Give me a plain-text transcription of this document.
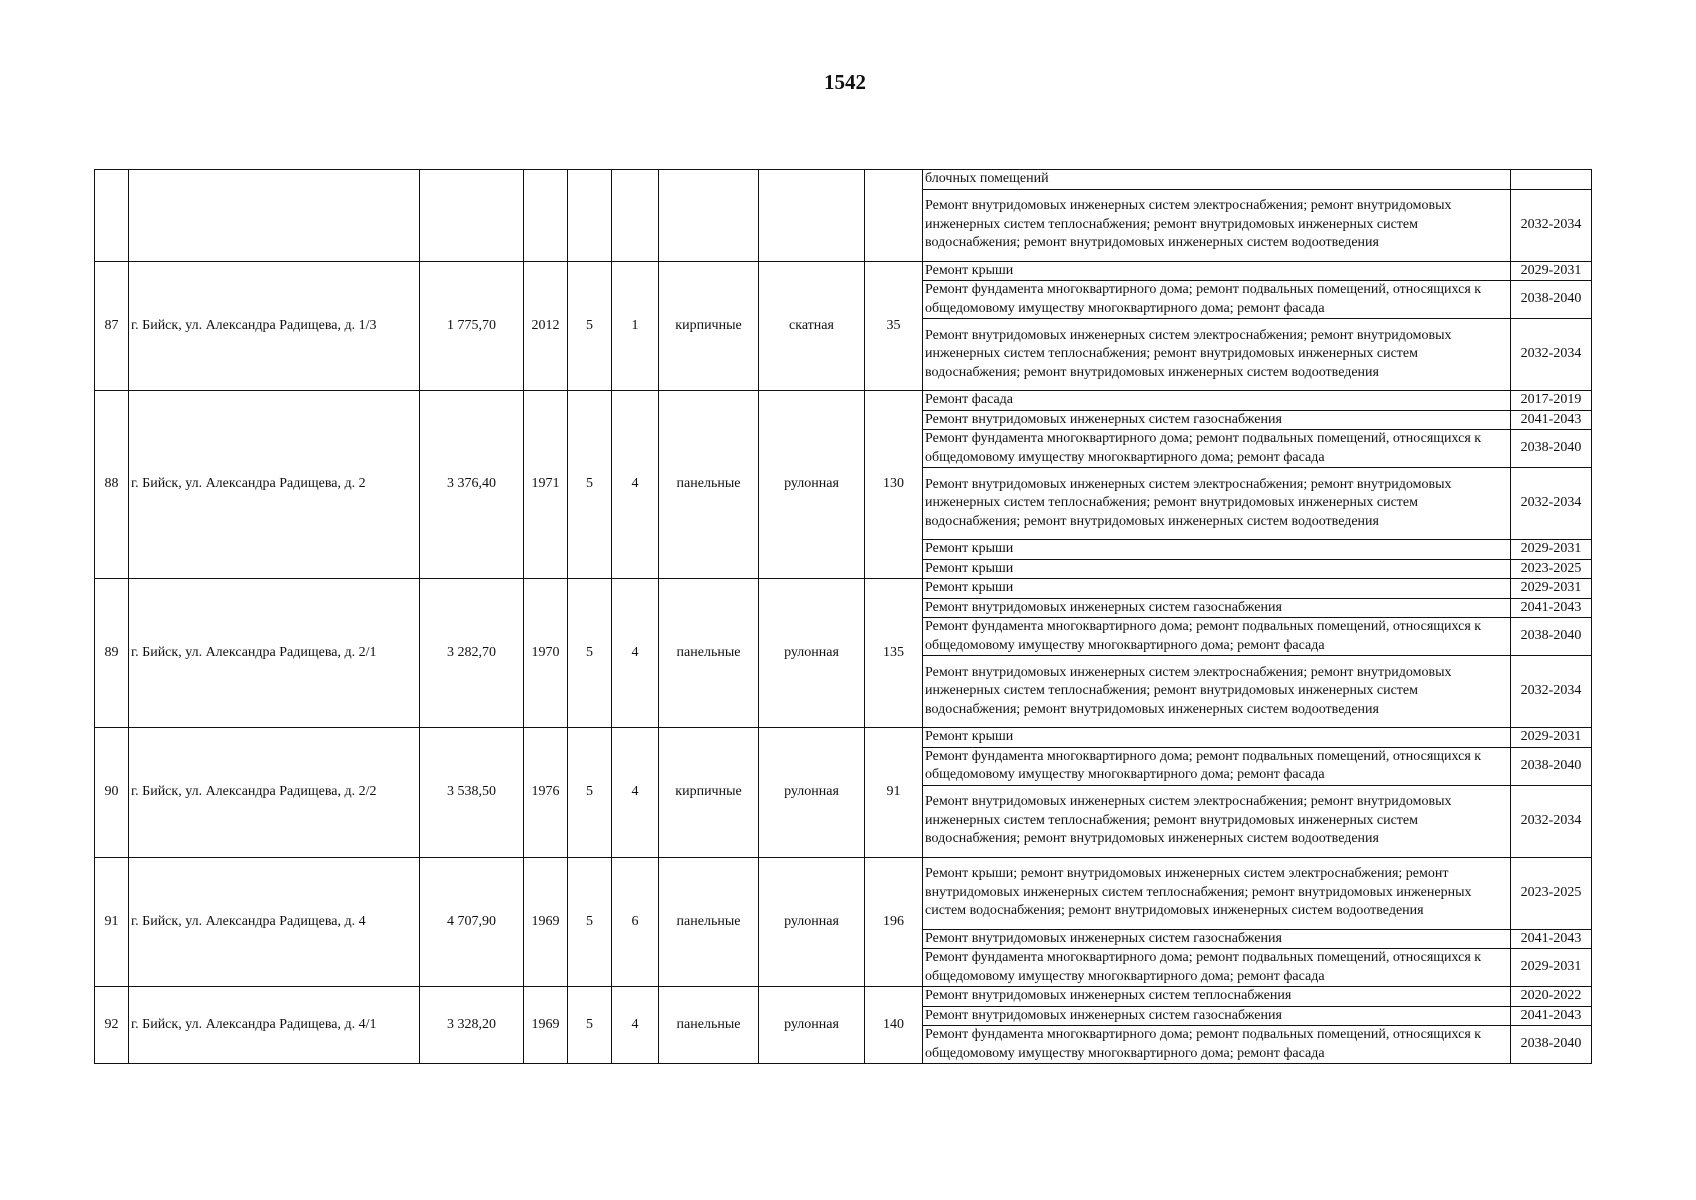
1542
									блочных помещений	
									Ремонт внутридомовых инженерных систем электроснабжения; ремонт внутридомовых инженерных систем теплоснабжения; ремонт внутридомовых инженерных систем водоснабжения; ремонт внутридомовых инженерных систем водоотведения	2032-2034
87	г. Бийск, ул. Александра Радищева, д. 1/3	1 775,70	2012	5	1	кирпичные	скатная	35	Ремонт крыши	2029-2031
									Ремонт фундамента многоквартирного дома; ремонт подвальных помещений, относящихся к общедомовому имуществу многоквартирного дома; ремонт фасада	2038-2040
									Ремонт внутридомовых инженерных систем электроснабжения; ремонт внутридомовых инженерных систем теплоснабжения; ремонт внутридомовых инженерных систем водоснабжения; ремонт внутридомовых инженерных систем водоотведения	2032-2034
88	г. Бийск, ул. Александра Радищева, д. 2	3 376,40	1971	5	4	панельные	рулонная	130	Ремонт фасада	2017-2019
									Ремонт внутридомовых инженерных систем газоснабжения	2041-2043
									Ремонт фундамента многоквартирного дома; ремонт подвальных помещений, относящихся к общедомовому имуществу многоквартирного дома; ремонт фасада	2038-2040
									Ремонт внутридомовых инженерных систем электроснабжения; ремонт внутридомовых инженерных систем теплоснабжения; ремонт внутридомовых инженерных систем водоснабжения; ремонт внутридомовых инженерных систем водоотведения	2032-2034
									Ремонт крыши	2029-2031
									Ремонт крыши	2023-2025
89	г. Бийск, ул. Александра Радищева, д. 2/1	3 282,70	1970	5	4	панельные	рулонная	135	Ремонт крыши	2029-2031
									Ремонт внутридомовых инженерных систем газоснабжения	2041-2043
									Ремонт фундамента многоквартирного дома; ремонт подвальных помещений, относящихся к общедомовому имуществу многоквартирного дома; ремонт фасада	2038-2040
									Ремонт внутридомовых инженерных систем электроснабжения; ремонт внутридомовых инженерных систем теплоснабжения; ремонт внутридомовых инженерных систем водоснабжения; ремонт внутридомовых инженерных систем водоотведения	2032-2034
90	г. Бийск, ул. Александра Радищева, д. 2/2	3 538,50	1976	5	4	кирпичные	рулонная	91	Ремонт крыши	2029-2031
									Ремонт фундамента многоквартирного дома; ремонт подвальных помещений, относящихся к общедомовому имуществу многоквартирного дома; ремонт фасада	2038-2040
									Ремонт внутридомовых инженерных систем электроснабжения; ремонт внутридомовых инженерных систем теплоснабжения; ремонт внутридомовых инженерных систем водоснабжения; ремонт внутридомовых инженерных систем водоотведения	2032-2034
91	г. Бийск, ул. Александра Радищева, д. 4	4 707,90	1969	5	6	панельные	рулонная	196	Ремонт крыши; ремонт внутридомовых инженерных систем электроснабжения; ремонт внутридомовых инженерных систем теплоснабжения; ремонт внутридомовых инженерных систем водоснабжения; ремонт внутридомовых инженерных систем водоотведения	2023-2025
									Ремонт внутридомовых инженерных систем газоснабжения	2041-2043
									Ремонт фундамента многоквартирного дома; ремонт подвальных помещений, относящихся к общедомовому имуществу многоквартирного дома; ремонт фасада	2029-2031
92	г. Бийск, ул. Александра Радищева, д. 4/1	3 328,20	1969	5	4	панельные	рулонная	140	Ремонт внутридомовых инженерных систем теплоснабжения	2020-2022
									Ремонт внутридомовых инженерных систем газоснабжения	2041-2043
									Ремонт фундамента многоквартирного дома; ремонт подвальных помещений, относящихся к общедомовому имуществу многоквартирного дома; ремонт фасада	2038-2040
